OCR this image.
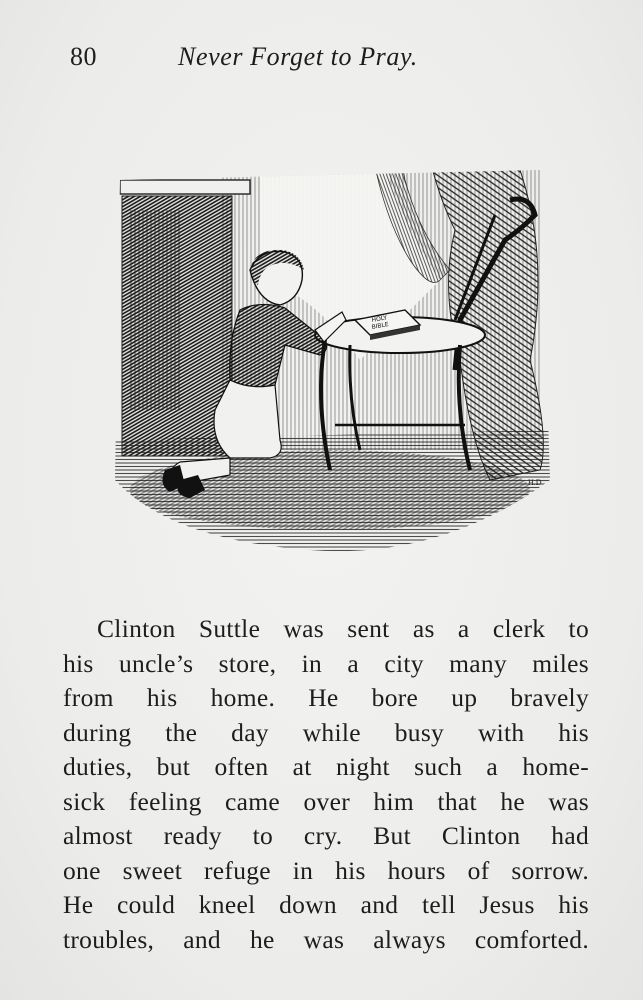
80	Never Forget to Pray.
HOLY
BIBLE
H.D
Clinton Suttle was sent as a clerk to
his uncle’s store, in a city many miles
from his home. He bore up bravely
during the day while busy with his
duties, but often at night such a home-
sick feeling came over him that he was
almost ready to cry. But Clinton had
one sweet refuge in his hours of sorrow.
He could kneel down and tell Jesus his
troubles, and he was always comforted.
